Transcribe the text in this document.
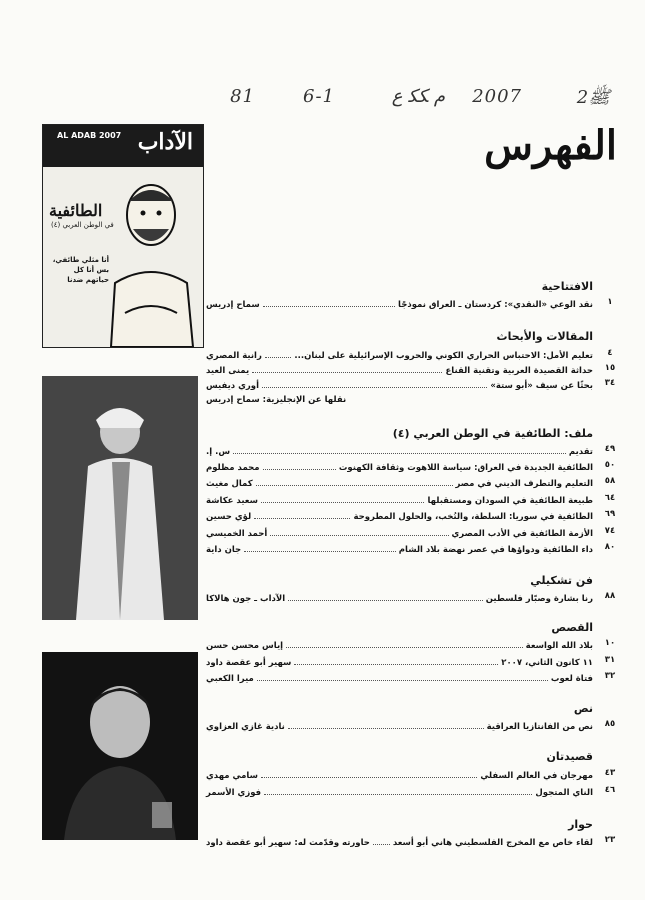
ﷺ2
2007
م ﻜﻜ ع
6-1
81
الفهرس
الآداب
AL ADAB 2007
الطائفية
في الوطن العربي (٤)
أنا مثلي طائفي، بس أنا كل حياتهم ضدنا	الافتتاحية
١
نقد الوعي «النقدي»: كردستان ـ العراق نموذجًا
سماح إدريس
المقالات والأبحاث
٤
تعليم الأمل: الاحتباس الحراري الكوني والحروب الإسرائيلية على لبنان...
رانية المصري
١٥
حداثة القصيدة العربية وتقنية القناع
يمنى العيد
٣٤
بحثًا عن سيف «أبو ستة»
أوري ديفيس
نقلها عن الإنجليزية: سماح إدريس
ملف: الطائفية في الوطن العربي (٤)
٤٩
تقديم
س. إ.
٥٠
الطائفية الجديدة في العراق: سياسة اللاهوت وثقافة الكهنوت
محمد مظلوم
٥٨
التعليم والتطرف الديني في مصر
كمال مغيث
٦٤
طبيعة الطائفية في السودان ومستقبلها
سعيد عكاشة
٦٩
الطائفية في سوريا: السلطة، والنُخب، والحلول المطروحة
لؤي حسين
٧٤
الأزمة الطائفية في الأدب المصري
أحمد الخميسي
٨٠
داء الطائفية ودواؤها في عصر نهضة بلاد الشام
جان داية
فن تشكيلي
٨٨
رنا بشارة وصبّار فلسطين
الآداب ـ جون هالاكا
القصص
١٠
بلاد الله الواسعة
إياس محسن حسن
٣١
١١ كانون الثاني، ٢٠٠٧
سهير أبو عقصة داود
٣٢
فتاة لعوب
ميرا الكعبي
نص
٨٥
نص من الفانتازيا العراقية
نادية غازي العزاوي
قصيدتان
٤٣
مهرجان في العالم السفلي
سامي مهدي
٤٦
الناي المتجول
فوزي الأسمر
حوار
٢٣
لقاء خاص مع المخرج الفلسطيني هاني أبو أسعد
حاورته وقدّمت له: سهير أبو عقصة داود
